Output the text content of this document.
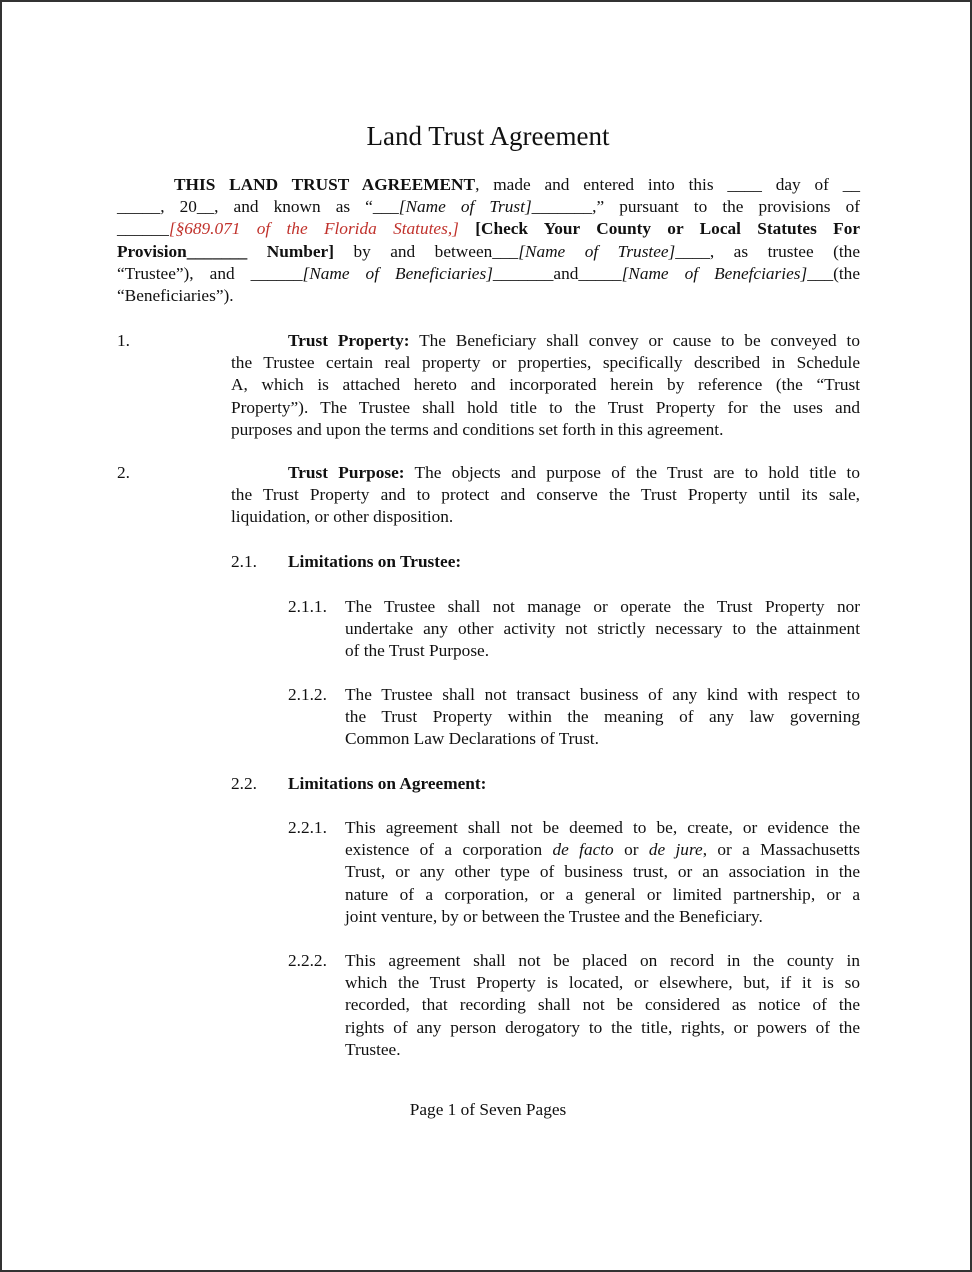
Land Trust Agreement
THIS LAND TRUST AGREEMENT, made and entered into this ____ day of __
_____, 20__, and known as “___[Name of Trust]_______,” pursuant to the provisions of
______[§689.071 of the Florida Statutes,] [Check Your County or Local Statutes For
Provision_______ Number] by and between___[Name of Trustee]____, as trustee (the
“Trustee”), and ______[Name of Beneficiaries]_______and_____[Name of Benefciaries]___(the
“Beneficiaries”).
1.	Trust Property: The Beneficiary shall convey or cause to be conveyed to
the Trustee certain real property or properties, specifically described in Schedule
A, which is attached hereto and incorporated herein by reference (the “Trust
Property”). The Trustee shall hold title to the Trust Property for the uses and
purposes and upon the terms and conditions set forth in this agreement.
2.	Trust Purpose: The objects and purpose of the Trust are to hold title to
the Trust Property and to protect and conserve the Trust Property until its sale,
liquidation, or other disposition.
2.1. Limitations on Trustee:
2.1.1. The Trustee shall not manage or operate the Trust Property nor
undertake any other activity not strictly necessary to the attainment
of the Trust Purpose.
2.1.2. The Trustee shall not transact business of any kind with respect to
the Trust Property within the meaning of any law governing
Common Law Declarations of Trust.
2.2. Limitations on Agreement:
2.2.1. This agreement shall not be deemed to be, create, or evidence the
existence of a corporation de facto or de jure, or a Massachusetts
Trust, or any other type of business trust, or an association in the
nature of a corporation, or a general or limited partnership, or a
joint venture, by or between the Trustee and the Beneficiary.
2.2.2. This agreement shall not be placed on record in the county in
which the Trust Property is located, or elsewhere, but, if it is so
recorded, that recording shall not be considered as notice of the
rights of any person derogatory to the title, rights, or powers of the
Trustee.
Page 1 of Seven Pages
